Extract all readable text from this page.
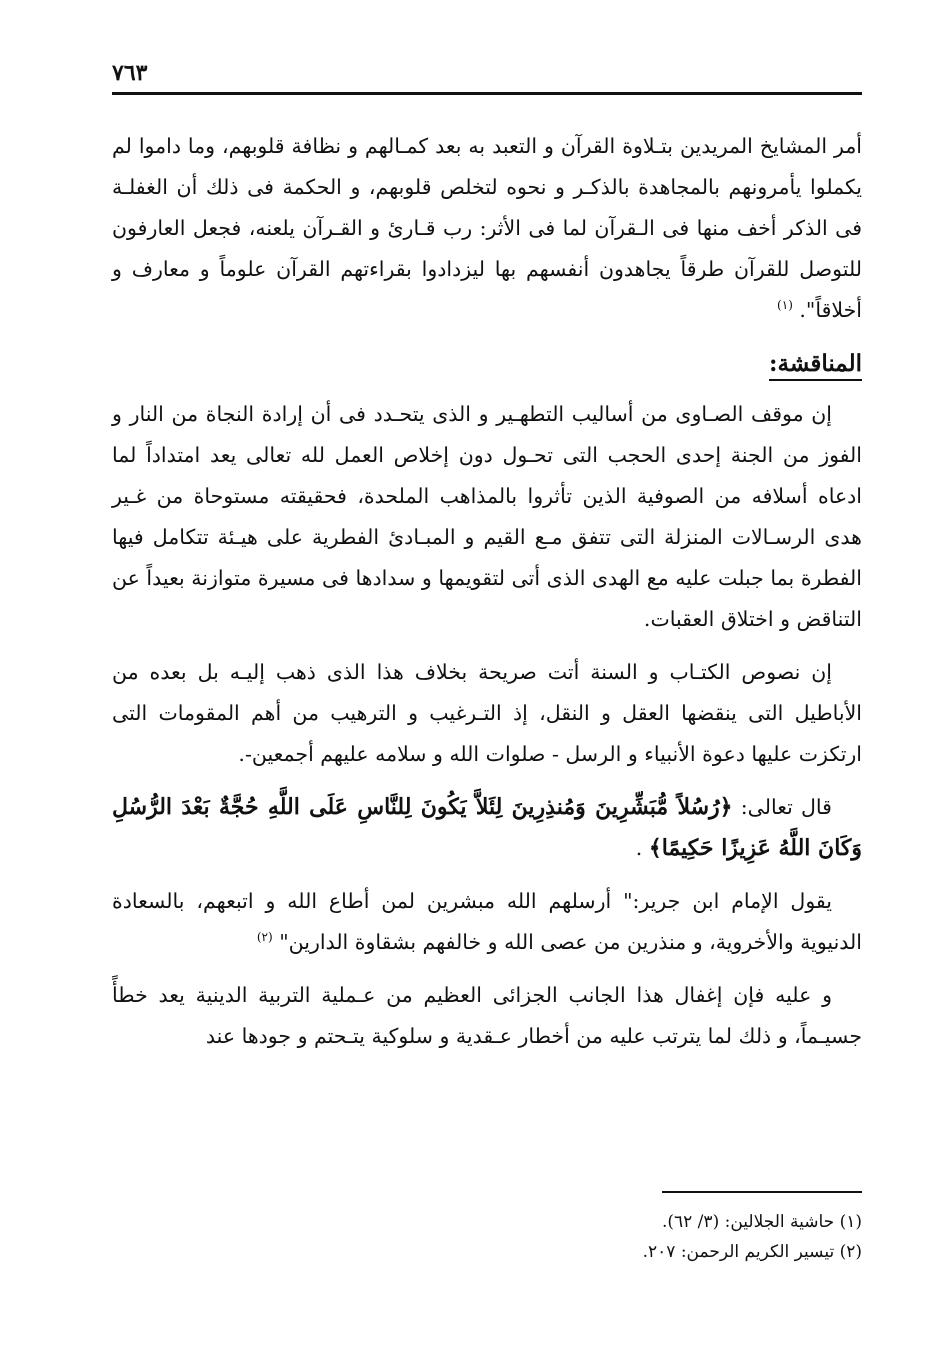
٧٦٣

أمر المشايخ المريدين بتـلاوة القرآن و التعبد به بعد كمـالهم و نظافة قلوبهم، وما داموا لم يكملوا يأمرونهم بالمجاهدة بالذكـر و نحوه لتخلص قلوبهم، و الحكمة فى ذلك أن الغفلـة فى الذكر أخف منها فى الـقرآن لما فى الأثر: رب قـارئ و القـرآن يلعنه، فجعل العارفون للتوصل للقرآن طرقاً يجاهدون أنفسهم بها ليزدادوا بقراءتهم القرآن علوماً و معارف و أخلاقاً". $^{(١)}$

المناقشة:

إن موقف الصـاوى من أساليب التطهـير و الذى يتحـدد فى أن إرادة النجاة من النار و الفوز من الجنة إحدى الحجب التى تحـول دون إخلاص العمل لله تعالى يعد امتداداً لما ادعاه أسلافه من الصوفية الذين تأثروا بالمذاهب الملحدة، فحقيقته مستوحاة من غـير هدى الرسـالات المنزلة التى تتفق مـع القيم و المبـادئ الفطرية على هيـئة تتكامل فيها الفطرة بما جبلت عليه مع الهدى الذى أتى لتقويمها و سدادها فى مسيرة متوازنة بعيداً عن التناقض و اختلاق العقبات.

إن نصوص الكتـاب و السنة أتت صريحة بخلاف هذا الذى ذهب إليـه بل بعده من الأباطيل التى ينقضها العقل و النقل، إذ التـرغيب و الترهيب من أهم المقومات التى ارتكزت عليها دعوة الأنبياء و الرسل - صلوات الله و سلامه عليهم أجمعين-.

قال تعالى: ﴿رُسُلاً مُّبَشِّرِينَ وَمُنذِرِينَ لِئَلاَّ يَكُونَ لِلنَّاسِ عَلَى اللَّهِ حُجَّةٌ بَعْدَ الرُّسُلِ وَكَانَ اللَّهُ عَزِيزًا حَكِيمًا﴾ .

يقول الإمام ابن جرير:" أرسلهم الله مبشرين لمن أطاع الله و اتبعهم، بالسعادة الدنيوية والأخروية، و منذرين من عصى الله و خالفهم بشقاوة الدارين" $^{(٢)}$

و عليه فإن إغفال هذا الجانب الجزائى العظيم من عـملية التربية الدينية يعد خطأً جسيـماً، و ذلك لما يترتب عليه من أخطار عـقدية و سلوكية يتـحتم و جودها عند

(١) حاشية الجلالين: (٣/ ٦٢).

(٢) تيسير الكريم الرحمن: ٢٠٧.
